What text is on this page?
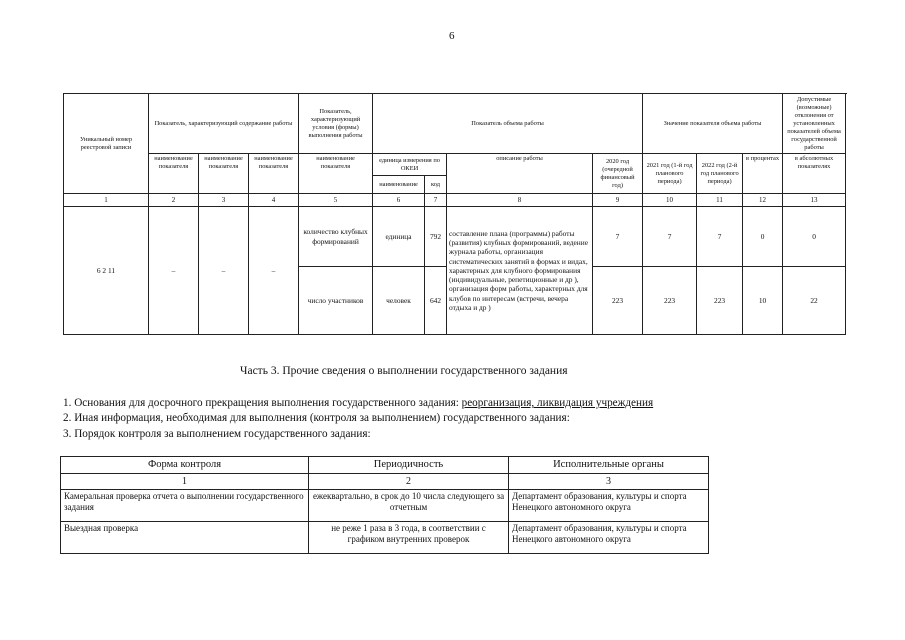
6
Уникальный номер реестровой записи	Показатель, характеризующий содержание работы			Показатель, характеризующий условия (формы) выполнения работы	Показатель объема работы				Значение показателя объема работы			Допустимые (возможные) отклонения от установленных показателей объема государственной работы
	наименование показателя	наименование показателя	наименование показателя	наименование показателя	единица измерения по ОКЕИ		описание работы	2020 год (очередной финансовый год)	2021 год (1-й год планового периода)	2022 год (2-й год планового периода)	в процентах	в абсолютных показателях
					наименование	код						
1	2	3	4	5	6	7	8	9	10	11	12	13
6 2 11	–	–	–	количество клубных формирований	единица	792	составление плана (программы) работы (развития) клубных формирований, ведение журнала работы, организация систематических занятий в формах и видах, характерных для клубного формирования (индивидуальные, репетиционные и др ), организация форм работы, характерных для клубов по интересам (встречи, вечера отдыха и др )	7	7	7	0	0
				число участников	человек	642		223	223	223	10	22
Часть 3. Прочие сведения о выполнении государственного задания
1. Основания для досрочного прекращения выполнения государственного задания: реорганизация, ликвидация учреждения
2. Иная информация, необходимая для выполнения (контроля за выполнением) государственного задания:
3. Порядок контроля за выполнением государственного задания:
Форма контроля	Периодичность	Исполнительные органы
1	2	3
Камеральная проверка отчета о выполнении государственного задания	ежеквартально, в срок до 10 числа следующего за отчетным	Департамент образования, культуры и спорта Ненецкого автономного округа
Выездная проверка	не реже 1 раза в 3 года, в соответствии с графиком внутренних проверок	Департамент образования, культуры и спорта Ненецкого автономного округа
